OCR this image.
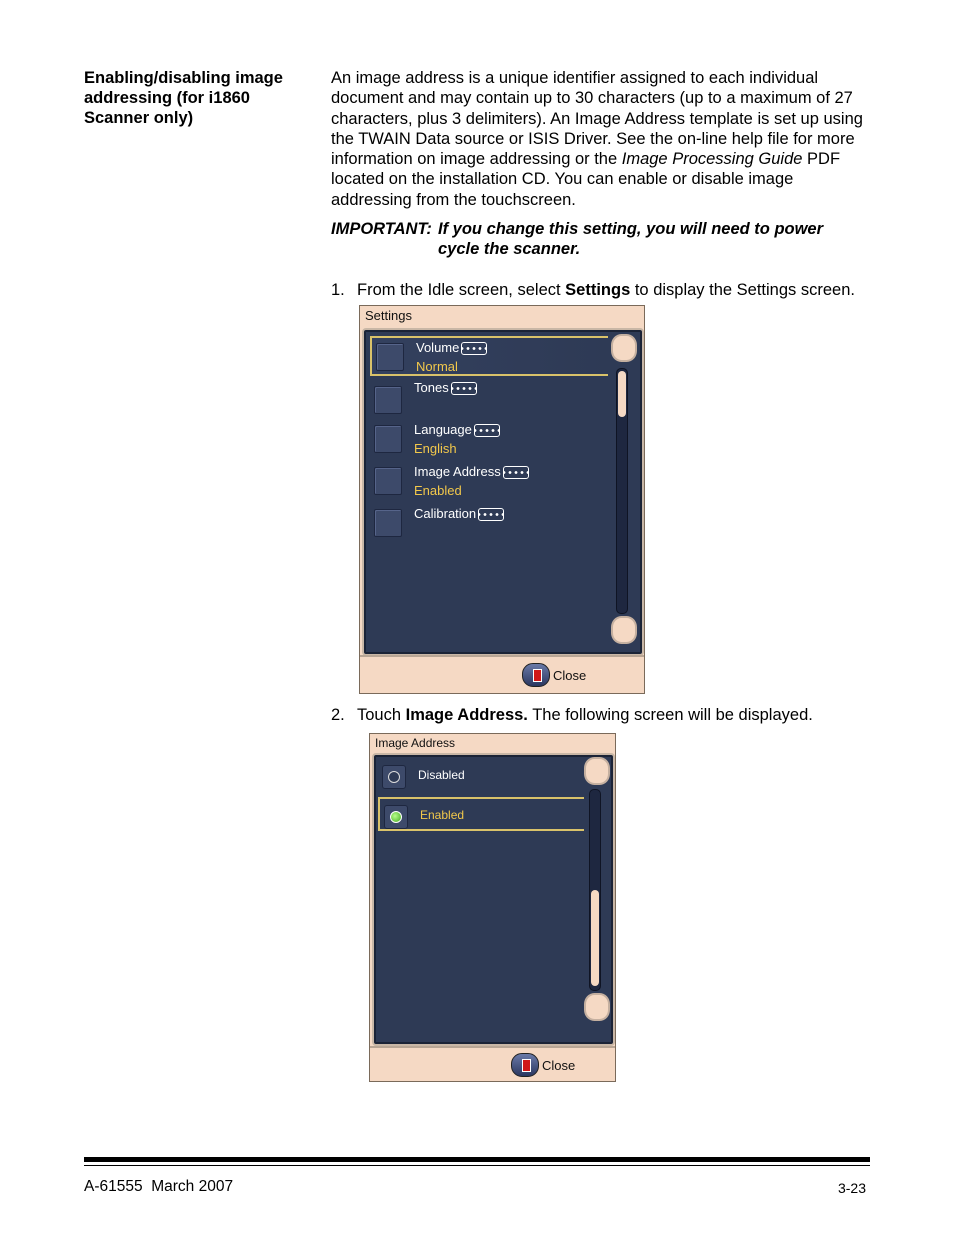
Enabling/disabling image addressing (for i1860 Scanner only)
An image address is a unique identifier assigned to each individual document and may contain up to 30 characters (up to a maximum of 27 characters, plus 3 delimiters). An Image Address template is set up using the TWAIN Data source or ISIS Driver. See the on-line help file for more information on image addressing or the Image Processing Guide PDF located on the installation CD. You can enable or disable image addressing from the touchscreen.
IMPORTANT: If you change this setting, you will need to power
cycle the scanner.
1. From the Idle screen, select Settings to display the Settings screen.
Settings
Volume
Normal
Tones
Language
English
Image Address
Enabled
Calibration
Close
2. Touch Image Address. The following screen will be displayed.
Image Address
Disabled
Enabled
Close
A-61555  March 2007	3-23
